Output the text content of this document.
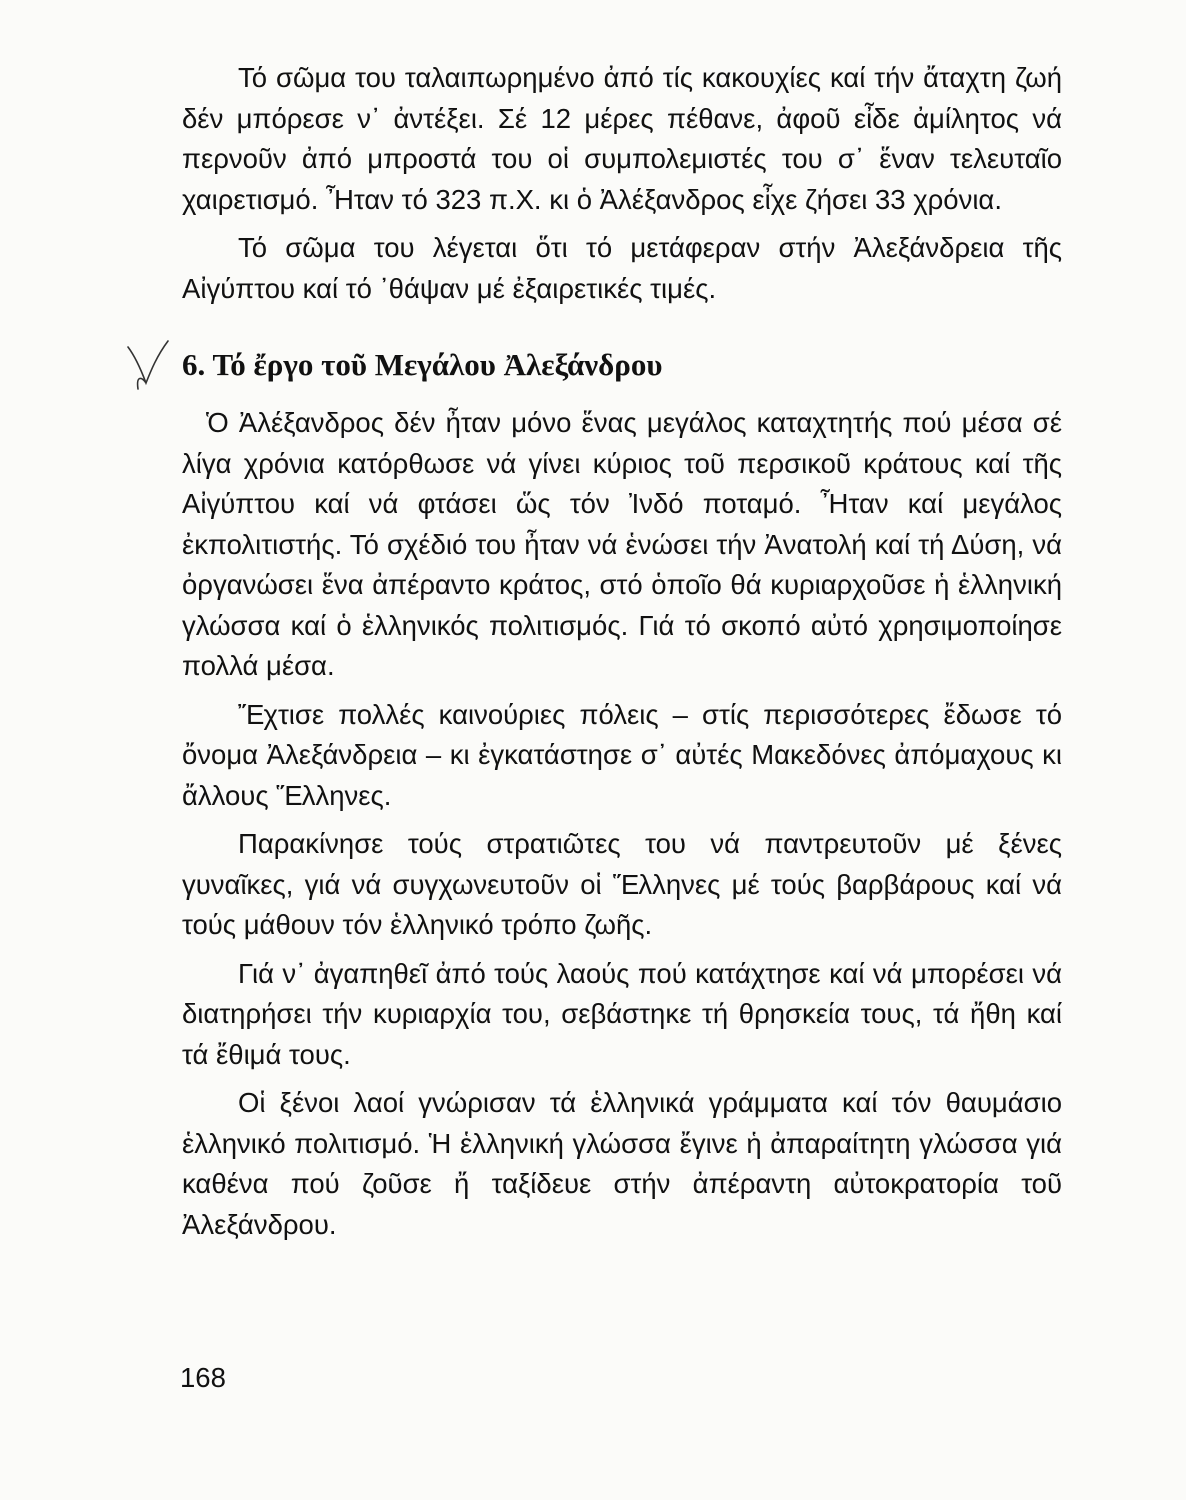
Τό σῶμα του ταλαιπωρημένο ἀπό τίς κακουχίες καί τήν ἄταχτη ζωή δέν μπόρεσε ν᾽ ἀντέξει. Σέ 12 μέρες πέθανε, ἀφοῦ εἶδε ἀμίλητος νά περνοῦν ἀπό μπροστά του οἱ συμπολεμιστές του σ᾽ ἕναν τελευταῖο χαιρετισμό. Ἦταν τό 323 π.Χ. κι ὁ Ἀλέξανδρος εἶχε ζήσει 33 χρόνια.

Τό σῶμα του λέγεται ὅτι τό μετάφεραν στήν Ἀλεξάνδρεια τῆς Αἰγύπτου καί τό ᾽θάψαν μέ ἐξαιρετικές τιμές.

6. Τό ἔργο τοῦ Μεγάλου Ἀλεξάνδρου

Ὁ Ἀλέξανδρος δέν ἦταν μόνο ἕνας μεγάλος καταχτητής πού μέσα σέ λίγα χρόνια κατόρθωσε νά γίνει κύριος τοῦ περσικοῦ κράτους καί τῆς Αἰγύπτου καί νά φτάσει ὥς τόν Ἰνδό ποταμό. Ἦταν καί μεγάλος ἐκπολιτιστής. Τό σχέδιό του ἦταν νά ἑνώσει τήν Ἀνατολή καί τή Δύση, νά ὀργανώσει ἕνα ἀπέραντο κράτος, στό ὁποῖο θά κυριαρχοῦσε ἡ ἑλληνική γλώσσα καί ὁ ἑλληνικός πολιτισμός. Γιά τό σκοπό αὐτό χρησιμοποίησε πολλά μέσα.

Ἔχτισε πολλές καινούριες πόλεις – στίς περισσότερες ἔδωσε τό ὄνομα Ἀλεξάνδρεια – κι ἐγκατάστησε σ᾽ αὐτές Μακεδόνες ἀπόμαχους κι ἄλλους Ἕλληνες.

Παρακίνησε τούς στρατιῶτες του νά παντρευτοῦν μέ ξένες γυναῖκες, γιά νά συγχωνευτοῦν οἱ Ἕλληνες μέ τούς βαρβάρους καί νά τούς μάθουν τόν ἑλληνικό τρόπο ζωῆς.

Γιά ν᾽ ἀγαπηθεῖ ἀπό τούς λαούς πού κατάχτησε καί νά μπορέσει νά διατηρήσει τήν κυριαρχία του, σεβάστηκε τή θρησκεία τους, τά ἤθη καί τά ἔθιμά τους.

Οἱ ξένοι λαοί γνώρισαν τά ἑλληνικά γράμματα καί τόν θαυμάσιο ἑλληνικό πολιτισμό. Ἡ ἑλληνική γλώσσα ἔγινε ἡ ἀπαραίτητη γλώσσα γιά καθένα πού ζοῦσε ἤ ταξίδευε στήν ἀπέραντη αὐτοκρατορία τοῦ Ἀλεξάνδρου.

168
